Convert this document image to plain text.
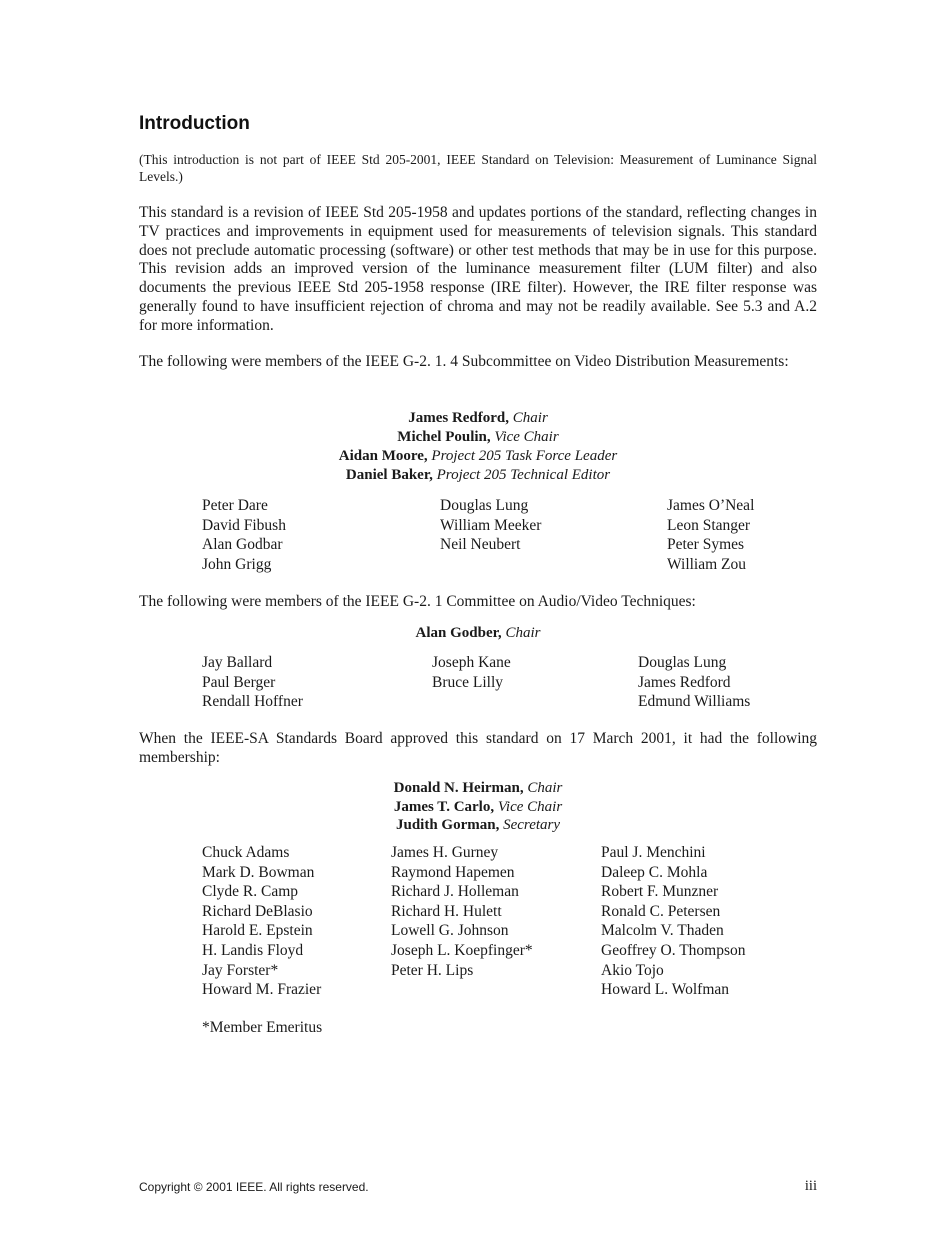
Introduction

(This introduction is not part of IEEE Std 205-2001, IEEE Standard on Television: Measurement of Luminance Signal Levels.)

This standard is a revision of IEEE Std 205-1958 and updates portions of the standard, reflecting changes in TV practices and improvements in equipment used for measurements of television signals. This standard does not preclude automatic processing (software) or other test methods that may be in use for this purpose. This revision adds an improved version of the luminance measurement filter (LUM filter) and also documents the previous IEEE Std 205-1958 response (IRE filter). However, the IRE filter response was generally found to have insufficient rejection of chroma and may not be readily available. See 5.3 and A.2 for more information.

The following were members of the IEEE G-2. 1. 4 Subcommittee on Video Distribution Measurements:

James Redford, Chair
Michel Poulin, Vice Chair
Aidan Moore, Project 205 Task Force Leader
Daniel Baker, Project 205 Technical Editor
Peter Dare
David Fibush
Alan Godbar
John Grigg
Douglas Lung
William Meeker
Neil Neubert
James O’Neal
Leon Stanger
Peter Symes
William Zou

The following were members of the IEEE G-2. 1 Committee on Audio/Video Techniques:

Alan Godber, Chair
Jay Ballard
Paul Berger
Rendall Hoffner
Joseph Kane
Bruce Lilly
Douglas Lung
James Redford
Edmund Williams

When the IEEE-SA Standards Board approved this standard on 17 March 2001, it had the following membership:

Donald N. Heirman, Chair
James T. Carlo, Vice Chair
Judith Gorman, Secretary
Chuck Adams
Mark D. Bowman
Clyde R. Camp
Richard DeBlasio
Harold E. Epstein
H. Landis Floyd
Jay Forster*
Howard M. Frazier
James H. Gurney
Raymond Hapemen
Richard J. Holleman
Richard H. Hulett
Lowell G. Johnson
Joseph L. Koepfinger*
Peter H. Lips
Paul J. Menchini
Daleep C. Mohla
Robert F. Munzner
Ronald C. Petersen
Malcolm V. Thaden
Geoffrey O. Thompson
Akio Tojo
Howard L. Wolfman
*Member Emeritus
Copyright © 2001 IEEE. All rights reserved.	iii
